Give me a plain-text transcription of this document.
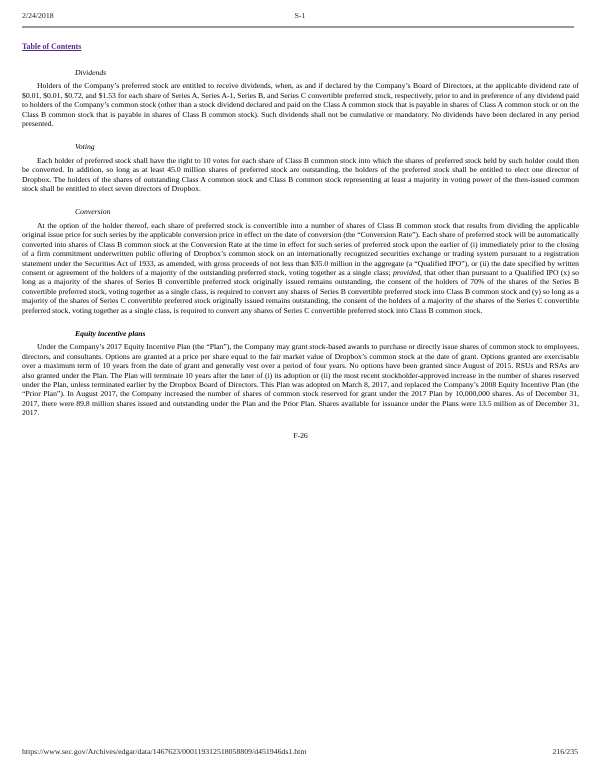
2/24/2018	S-1
Table of Contents
Dividends

Holders of the Company’s preferred stock are entitled to receive dividends, when, as and if declared by the Company’s Board of Directors, at the applicable dividend rate of $0.01, $0.01, $0.72, and $1.53 for each share of Series A, Series A-1, Series B, and Series C convertible preferred stock, respectively, prior to and in preference of any dividend paid to holders of the Company’s common stock (other than a stock dividend declared and paid on the Class A common stock that is payable in shares of Class A common stock or on the Class B common stock that is payable in shares of Class B common stock). Such dividends shall not be cumulative or mandatory. No dividends have been declared in any period presented.

Voting

Each holder of preferred stock shall have the right to 10 votes for each share of Class B common stock into which the shares of preferred stock held by such holder could then be converted. In addition, so long as at least 45.0 million shares of preferred stock are outstanding, the holders of the preferred stock shall be entitled to elect one director of Dropbox. The holders of the shares of outstanding Class A common stock and Class B common stock representing at least a majority in voting power of the then-issued common stock shall be entitled to elect seven directors of Dropbox.

Conversion

At the option of the holder thereof, each share of preferred stock is convertible into a number of shares of Class B common stock that results from dividing the applicable original issue price for such series by the applicable conversion price in effect on the date of conversion (the “Conversion Rate”). Each share of preferred stock will be automatically converted into shares of Class B common stock at the Conversion Rate at the time in effect for such series of preferred stock upon the earlier of (i) immediately prior to the closing of a firm commitment underwritten public offering of Dropbox’s common stock on an internationally recognized securities exchange or trading system pursuant to a registration statement under the Securities Act of 1933, as amended, with gross proceeds of not less than $35.0 million in the aggregate (a “Qualified IPO”), or (ii) the date specified by written consent or agreement of the holders of a majority of the outstanding preferred stock, voting together as a single class; provided, that other than pursuant to a Qualified IPO (x) so long as a majority of the shares of Series B convertible preferred stock originally issued remains outstanding, the consent of the holders of 70% of the shares of the Series B convertible preferred stock, voting together as a single class, is required to convert any shares of Series B convertible preferred stock into Class B common stock and (y) so long as a majority of the shares of Series C convertible preferred stock originally issued remains outstanding, the consent of the holders of a majority of the shares of the Series C convertible preferred stock, voting together as a single class, is required to convert any shares of Series C convertible preferred stock into Class B common stock.

Equity incentive plans

Under the Company’s 2017 Equity Incentive Plan (the “Plan”), the Company may grant stock-based awards to purchase or directly issue shares of common stock to employees, directors, and consultants. Options are granted at a price per share equal to the fair market value of Dropbox’s common stock at the date of grant. Options granted are exercisable over a maximum term of 10 years from the date of grant and generally vest over a period of four years. No options have been granted since August of 2015. RSUs and RSAs are also granted under the Plan. The Plan will terminate 10 years after the later of (i) its adoption or (ii) the most recent stockholder-approved increase in the number of shares reserved under the Plan, unless terminated earlier by the Dropbox Board of Directors. This Plan was adopted on March 8, 2017, and replaced the Company’s 2008 Equity Incentive Plan (the “Prior Plan”). In August 2017, the Company increased the number of shares of common stock reserved for grant under the 2017 Plan by 10,000,000 shares. As of December 31, 2017, there were 89.8 million shares issued and outstanding under the Plan and the Prior Plan. Shares available for issuance under the Plans were 13.5 million as of December 31, 2017.

F-26
https://www.sec.gov/Archives/edgar/data/1467623/000119312518058809/d451946ds1.htm	216/235
